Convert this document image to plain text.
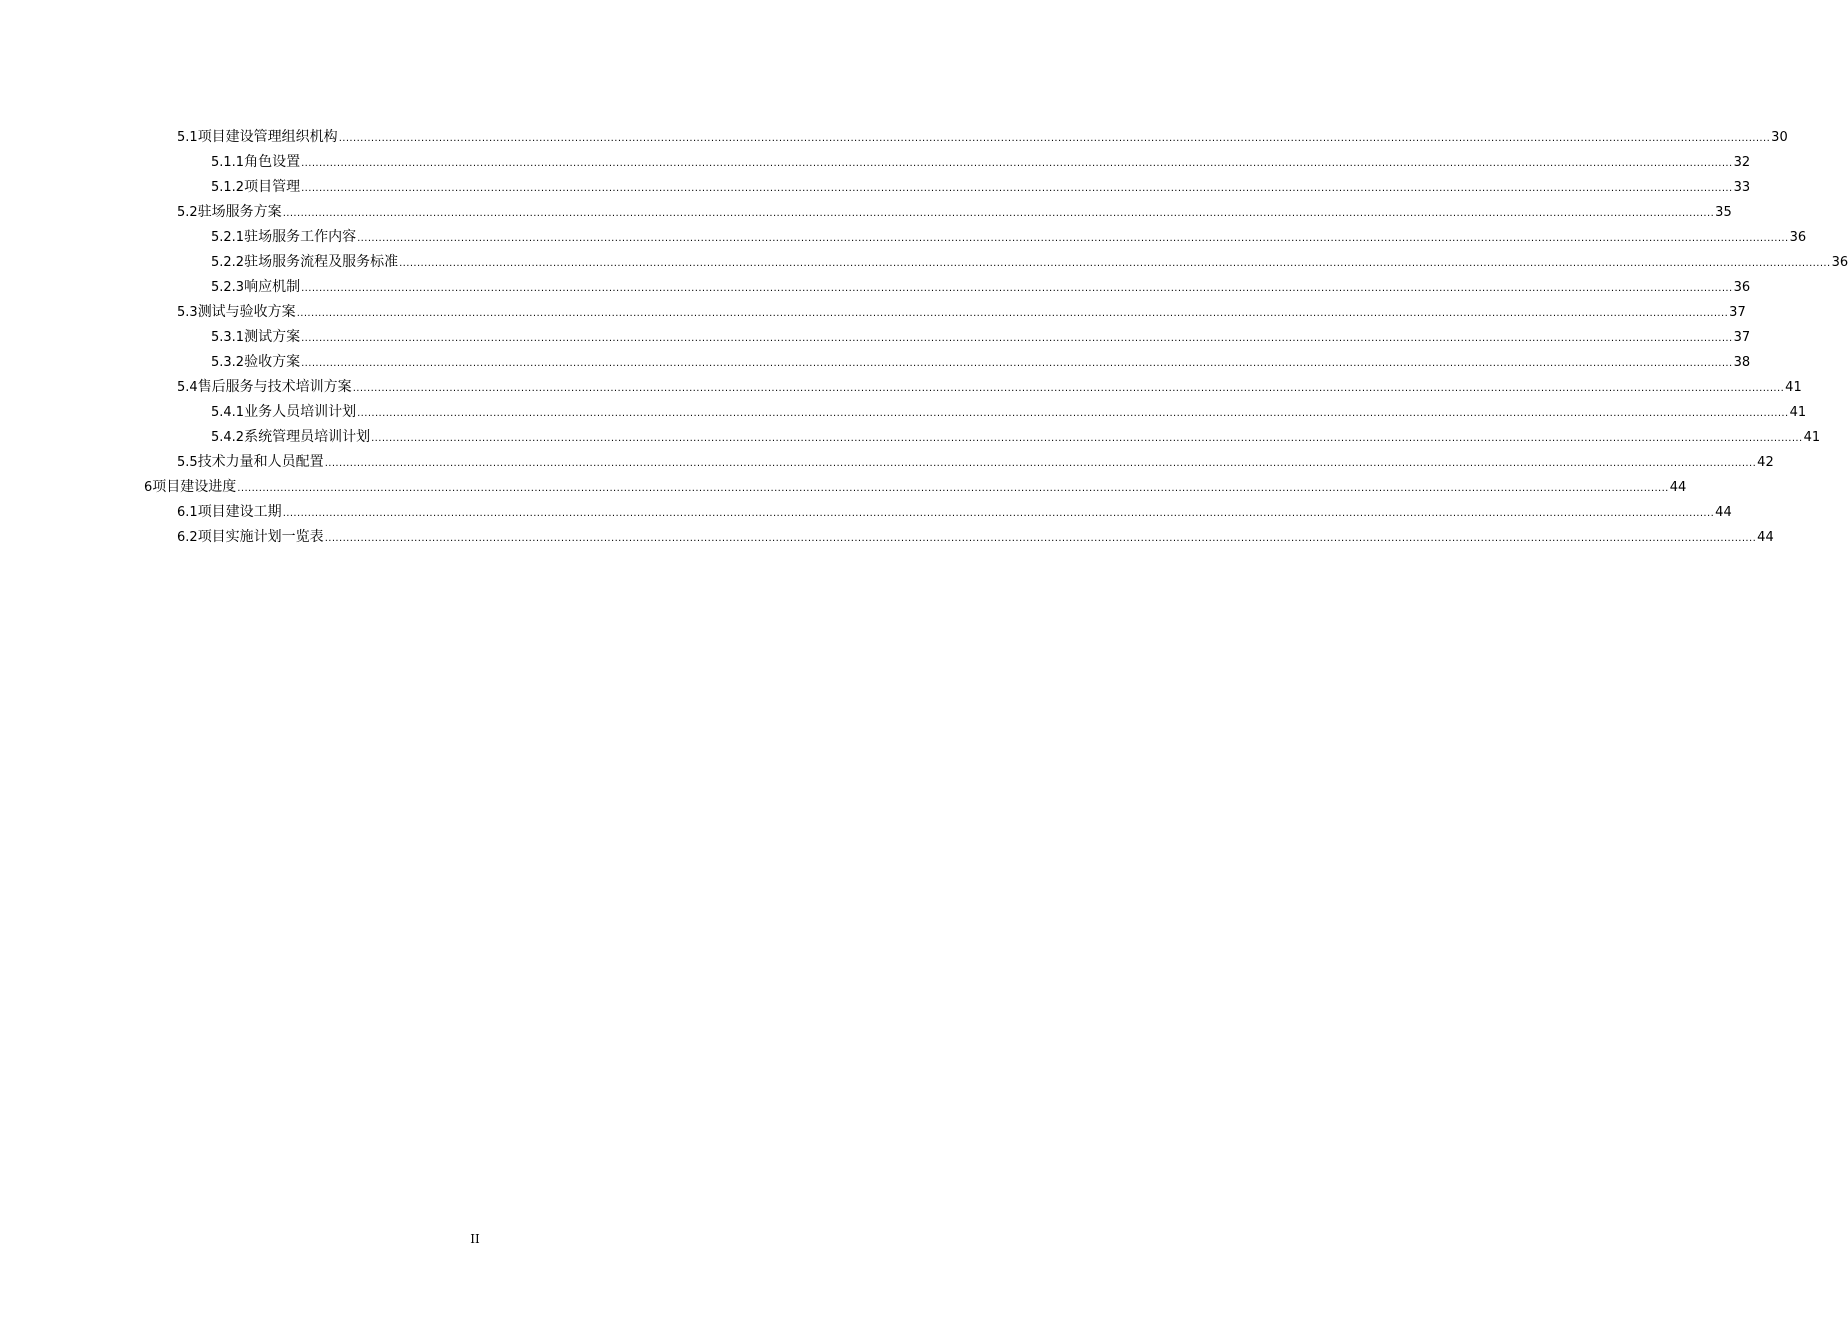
5.1 项目建设管理组织机构 ................................................................................................................................................................................................................................................................................................................................................................................................................ 30
5.1.1 角色设置 ................................................................................................................................................................................................................................................................................................................................................................................................................ 32
5.1.2 项目管理 ................................................................................................................................................................................................................................................................................................................................................................................................................ 33
5.2 驻场服务方案 ................................................................................................................................................................................................................................................................................................................................................................................................................ 35
5.2.1 驻场服务工作内容 ................................................................................................................................................................................................................................................................................................................................................................................................................ 36
5.2.2 驻场服务流程及服务标准 ................................................................................................................................................................................................................................................................................................................................................................................................................ 36
5.2.3 响应机制 ................................................................................................................................................................................................................................................................................................................................................................................................................ 36
5.3 测试与验收方案 ................................................................................................................................................................................................................................................................................................................................................................................................................ 37
5.3.1 测试方案 ................................................................................................................................................................................................................................................................................................................................................................................................................ 37
5.3.2 验收方案 ................................................................................................................................................................................................................................................................................................................................................................................................................ 38
5.4 售后服务与技术培训方案 ................................................................................................................................................................................................................................................................................................................................................................................................................ 41
5.4.1 业务人员培训计划 ................................................................................................................................................................................................................................................................................................................................................................................................................ 41
5.4.2 系统管理员培训计划 ................................................................................................................................................................................................................................................................................................................................................................................................................ 41
5.5 技术力量和人员配置 ................................................................................................................................................................................................................................................................................................................................................................................................................ 42
6 项目建设进度 ................................................................................................................................................................................................................................................................................................................................................................................................................ 44
6.1 项目建设工期 ................................................................................................................................................................................................................................................................................................................................................................................................................ 44
6.2 项目实施计划一览表 ................................................................................................................................................................................................................................................................................................................................................................................................................ 44
II
